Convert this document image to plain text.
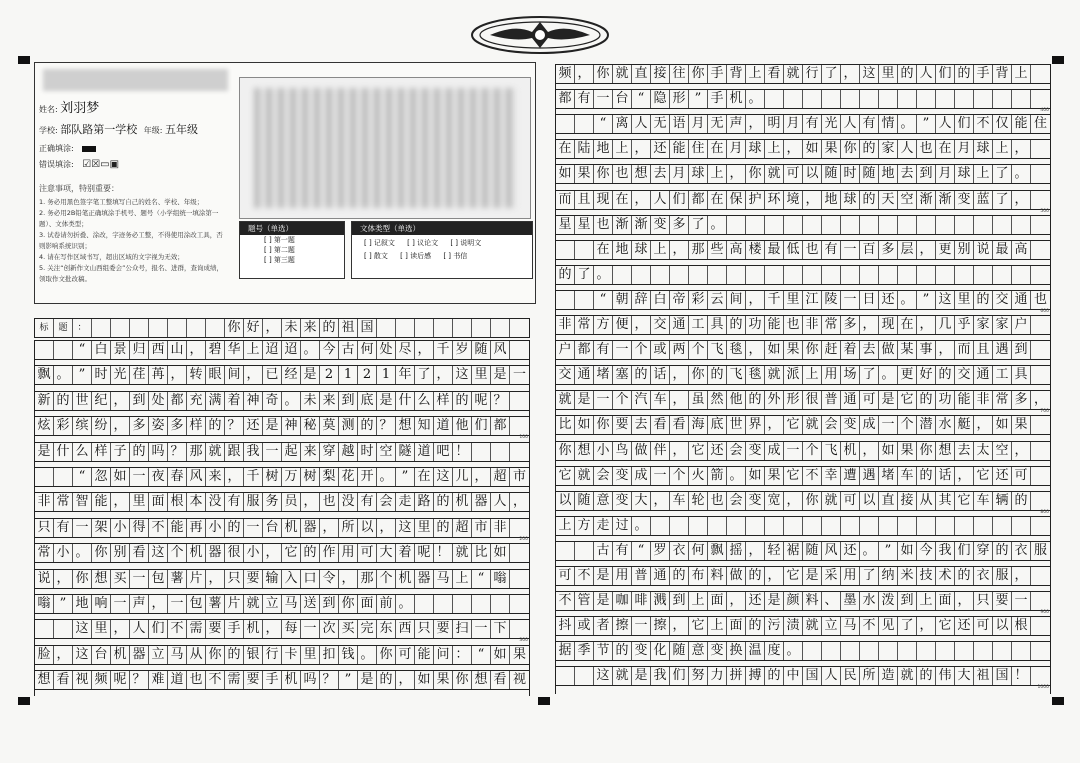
姓名: 刘羽梦
学校: 部队路第一学校 年级: 五年级
正确填涂:
错误填涂: ☑☒▭▣
注意事项，特别重要：
1. 务必用黑色签字笔工整填写自己的姓名、学校、年级；
2. 务必用2B铅笔正确填涂手机号、题号（小学组统一填涂第一题）、文体类型；
3. 试卷请勿折叠、涂改，字迹务必工整，不得使用涂改工具，否则影响系统识别；
4. 请在写作区域书写，超出区域的文字视为无效；
5. 关注“创新作文山西组委会”公众号，报名、进群，查询成绩，领取作文批改稿。
题号（单选）
[ ] 第一题
[ ] 第二题
[ ] 第三题
文体类型（单选）
[ ] 记叙文 [ ] 议论文 [ ] 说明文
[ ] 散文 [ ] 读后感 [ ] 书信
标	题	：	你 好 ， 未 来 的 祖 国
“ 白 景 归 西 山 ， 碧 华 上 迢 迢 。 今 古 何 处 尽 ， 千 岁 随 风
飘 。 ” 时 光 荏 苒 ， 转 眼 间 ， 已 经 是 2 1 2 1 年 了 ， 这 里 是 一
新 的 世 纪 ， 到 处 都 充 满 着 神 奇 。 未 来 到 底 是 什 么 样 的 呢 ？
炫 彩 缤 纷 ， 多 姿 多 样 的 ？ 还 是 神 秘 莫 测 的 ？ 想 知 道 他 们 都
是 什 么 样 子 的 吗 ？ 那 就 跟 我 一 起 来 穿 越 时 空 隧 道 吧 ！
“ 忽 如 一 夜 春 风 来 ， 千 树 万 树 梨 花 开 。 ” 在 这 儿 ， 超 市
非 常 智 能 ， 里 面 根 本 没 有 服 务 员 ， 也 没 有 会 走 路 的 机 器 人 ，
只 有 一 架 小 得 不 能 再 小 的 一 台 机 器 ， 所 以 ， 这 里 的 超 市 非
常 小 。 你 别 看 这 个 机 器 很 小 ， 它 的 作 用 可 大 着 呢 ！ 就 比 如
说 ， 你 想 买 一 包 薯 片 ， 只 要 输 入 口 令 ， 那 个 机 器 马 上 “ 嗡
嗡 ” 地 响 一 声 ， 一 包 薯 片 就 立 马 送 到 你 面 前 。
这 里 ， 人 们 不 需 要 手 机 ， 每 一 次 买 完 东 西 只 要 扫 一 下
脸 ， 这 台 机 器 立 马 从 你 的 银 行 卡 里 扣 钱 。 你 可 能 问 ： “ 如 果
想 看 视 频 呢 ？ 难 道 也 不 需 要 手 机 吗 ？ ” 是 的 ， 如 果 你 想 看 视
100
200
300
频 ， 你 就 直 接 往 你 手 背 上 看 就 行 了 ， 这 里 的 人 们 的 手 背 上
都 有 一 台 “ 隐 形 ” 手 机 。
“ 离 人 无 语 月 无 声 ， 明 月 有 光 人 有 情 。 ” 人 们 不 仅 能 住
在 陆 地 上 ， 还 能 住 在 月 球 上 ， 如 果 你 的 家 人 也 在 月 球 上 ，
如 果 你 也 想 去 月 球 上 ， 你 就 可 以 随 时 随 地 去 到 月 球 上 了 。
而 且 现 在 ， 人 们 都 在 保 护 环 境 ， 地 球 的 天 空 渐 渐 变 蓝 了 ，
星 星 也 渐 渐 变 多 了 。
在 地 球 上 ， 那 些 高 楼 最 低 也 有 一 百 多 层 ， 更 别 说 最 高
的 了 。
“ 朝 辞 白 帝 彩 云 间 ， 千 里 江 陵 一 日 还 。 ” 这 里 的 交 通 也
非 常 方 便 ， 交 通 工 具 的 功 能 也 非 常 多 ， 现 在 ， 几 乎 家 家 户
户 都 有 一 个 或 两 个 飞 毯 ， 如 果 你 赶 着 去 做 某 事 ， 而 且 遇 到
交 通 堵 塞 的 话 ， 你 的 飞 毯 就 派 上 用 场 了 。 更 好 的 交 通 工 具
就 是 一 个 汽 车 ， 虽 然 他 的 外 形 很 普 通 可 是 它 的 功 能 非 常 多 ，
比 如 你 要 去 看 看 海 底 世 界 ， 它 就 会 变 成 一 个 潜 水 艇 ， 如 果
你 想 小 鸟 做 伴 ， 它 还 会 变 成 一 个 飞 机 ， 如 果 你 想 去 太 空 ，
它 就 会 变 成 一 个 火 箭 。 如 果 它 不 幸 遭 遇 堵 车 的 话 ， 它 还 可
以 随 意 变 大 ， 车 轮 也 会 变 宽 ， 你 就 可 以 直 接 从 其 它 车 辆 的
上 方 走 过 。
古 有 “ 罗 衣 何 飘 摇 ， 轻 裾 随 风 还 。 ” 如 今 我 们 穿 的 衣 服
可 不 是 用 普 通 的 布 料 做 的 ， 它 是 采 用 了 纳 米 技 术 的 衣 服 ，
不 管 是 咖 啡 溅 到 上 面 ， 还 是 颜 料 、 墨 水 泼 到 上 面 ， 只 要 一
抖 或 者 擦 一 擦 ， 它 上 面 的 污 渍 就 立 马 不 见 了 ， 它 还 可 以 根
据 季 节 的 变 化 随 意 变 换 温 度 。
这 就 是 我 们 努 力 拼 搏 的 中 国 人 民 所 造 就 的 伟 大 祖 国 ！
400
500
600
700
800
900
1000
